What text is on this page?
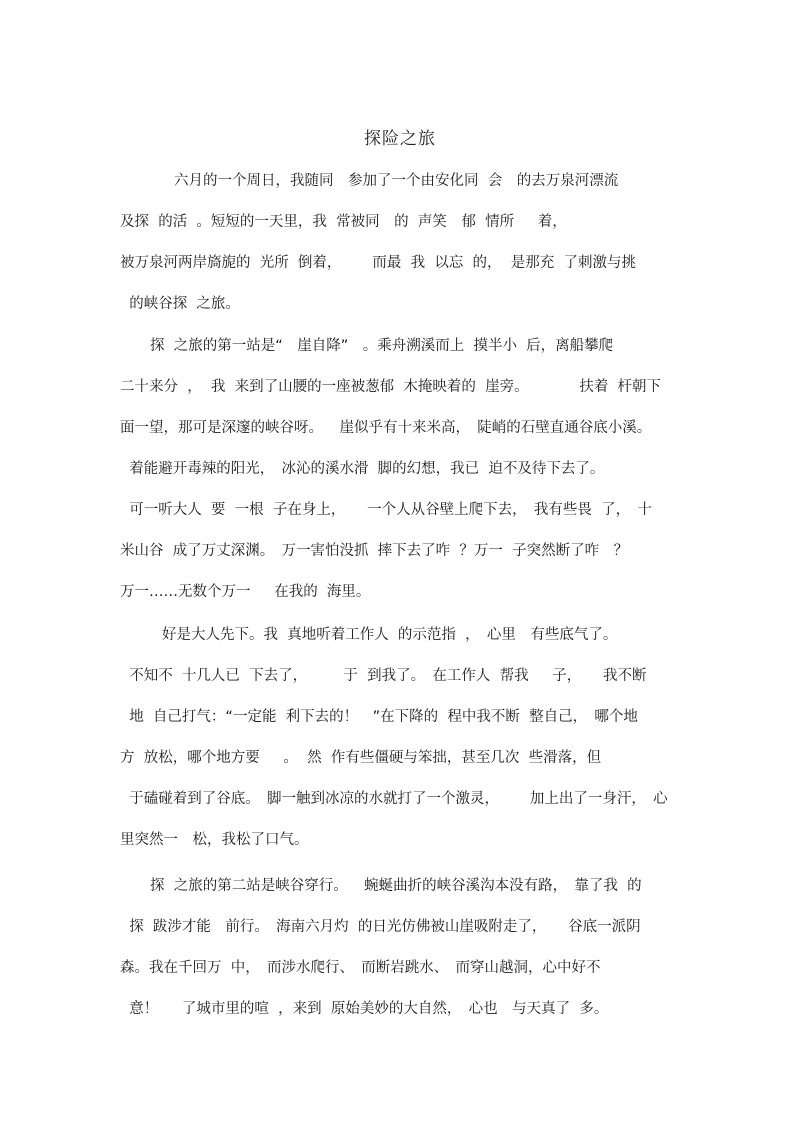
探险之旅
六月的一个周日，我随同　参加了一个由安化同  会　的去万泉河漂流
及探  的活  。短短的一天里，我  常被同　的  声笑　郁  情所　  着，
被万泉河两岸旖旎的  光所  倒着，　　  而最  我  以忘  的，  是那充  了刺激与挑
的峡谷探  之旅。
探  之旅的第一站是“　崖自降”　。乘舟溯溪而上  摸半小  后，离船攀爬
二十来分  ，  我  来到了山腰的一座被葱郁  木掩映着的  崖旁。　　　　扶着  杆朝下
面一望，那可是深邃的峡谷呀。　  崖似乎有十来米高，　陡峭的石壁直通谷底小溪。
着能避开毒辣的阳光，　冰沁的溪水滑  脚的幻想，我已  迫不及待下去了。
可一听大人  要  一根  子在身上，　　一个人从谷壁上爬下去，　我有些畏  了，　十
米山谷  成了万丈深渊。　万一害怕没抓  摔下去了咋  ？万一  子突然断了咋　？
万一……无数个万一　  在我的  海里。
好是大人先下。我  真地听着工作人  的示范指  ，　心里　有些底气了。
不知不  十几人已  下去了，　　　于  到我了。　在工作人  帮我　  子，　　我不断
地  自己打气：“一定能  利下去的！　”在下降的  程中我不断  整自己，　哪个地
方  放松，哪个地方要　  。  然  作有些僵硬与笨拙，甚至几次  些滑落，但
于磕碰着到了谷底。　脚一触到冰凉的水就打了一个激灵，　　  加上出了一身汗，　心
里突然一　松，我松了口气。
探  之旅的第二站是峡谷穿行。　  蜿蜒曲折的峡谷溪沟本没有路，　靠了我  的
探  跋涉才能　前行。　海南六月灼  的日光仿佛被山崖吸附走了，　　谷底一派阴
森。我在千回万  中，　而涉水爬行、　而断岩跳水、　而穿山越洞，心中好不
意！　  了城市里的喧  ，来到  原始美妙的大自然，　心也　与天真了  多。
